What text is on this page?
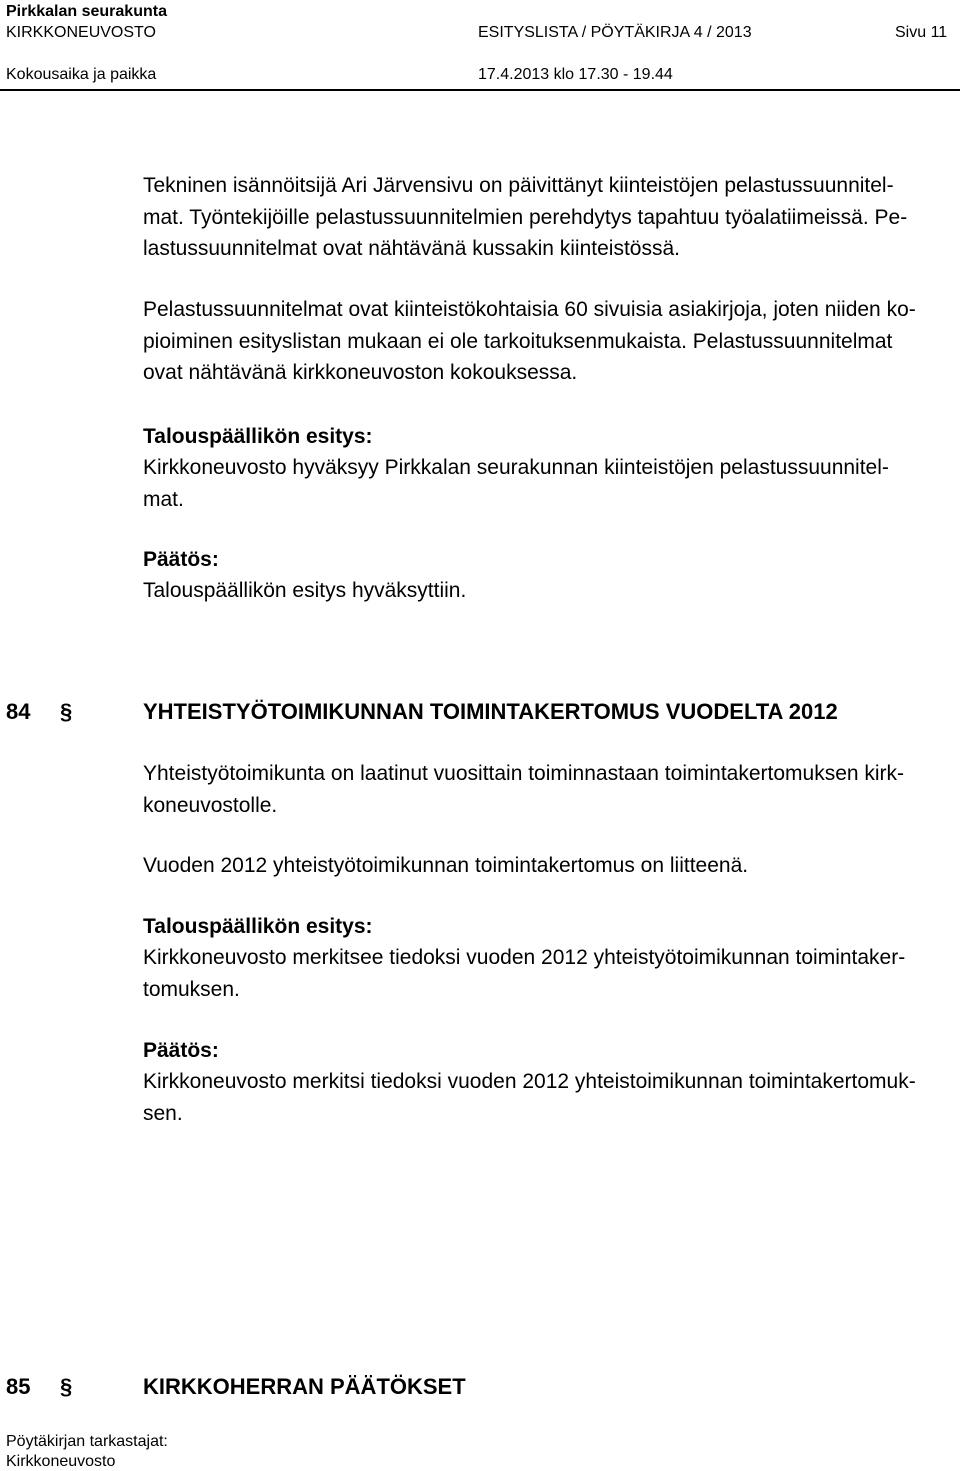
Pirkkalan seurakunta
KIRKKONEUVOSTO	ESITYSLISTA / PÖYTÄKIRJA 4 / 2013	Sivu 11
Kokousaika ja paikka	17.4.2013 klo 17.30 - 19.44
Tekninen isännöitsijä Ari Järvensivu on päivittänyt kiinteistöjen pelastussuunnitel-
mat. Työntekijöille pelastussuunnitelmien perehdytys tapahtuu työalatiimeissä. Pe-
lastussuunnitelmat ovat nähtävänä kussakin kiinteistössä.
Pelastussuunnitelmat ovat kiinteistökohtaisia 60 sivuisia asiakirjoja, joten niiden ko-
pioiminen esityslistan mukaan ei ole tarkoituksenmukaista. Pelastussuunnitelmat
ovat nähtävänä kirkkoneuvoston kokouksessa.
Talouspäällikön esitys:
Kirkkoneuvosto hyväksyy Pirkkalan seurakunnan kiinteistöjen pelastussuunnitel-
mat.
Päätös:
Talouspäällikön esitys hyväksyttiin.
84 §	YHTEISTYÖTOIMIKUNNAN TOIMINTAKERTOMUS VUODELTA 2012
Yhteistyötoimikunta on laatinut vuosittain toiminnastaan toimintakertomuksen kirk-
koneuvostolle.
Vuoden 2012 yhteistyötoimikunnan toimintakertomus on liitteenä.
Talouspäällikön esitys:
Kirkkoneuvosto merkitsee tiedoksi vuoden 2012 yhteistyötoimikunnan toimintaker-
tomuksen.
Päätös:
Kirkkoneuvosto merkitsi tiedoksi vuoden 2012 yhteistoimikunnan toimintakertomuk-
sen.
85 §	KIRKKOHERRAN PÄÄTÖKSET
Pöytäkirjan tarkastajat:
Kirkkoneuvosto
